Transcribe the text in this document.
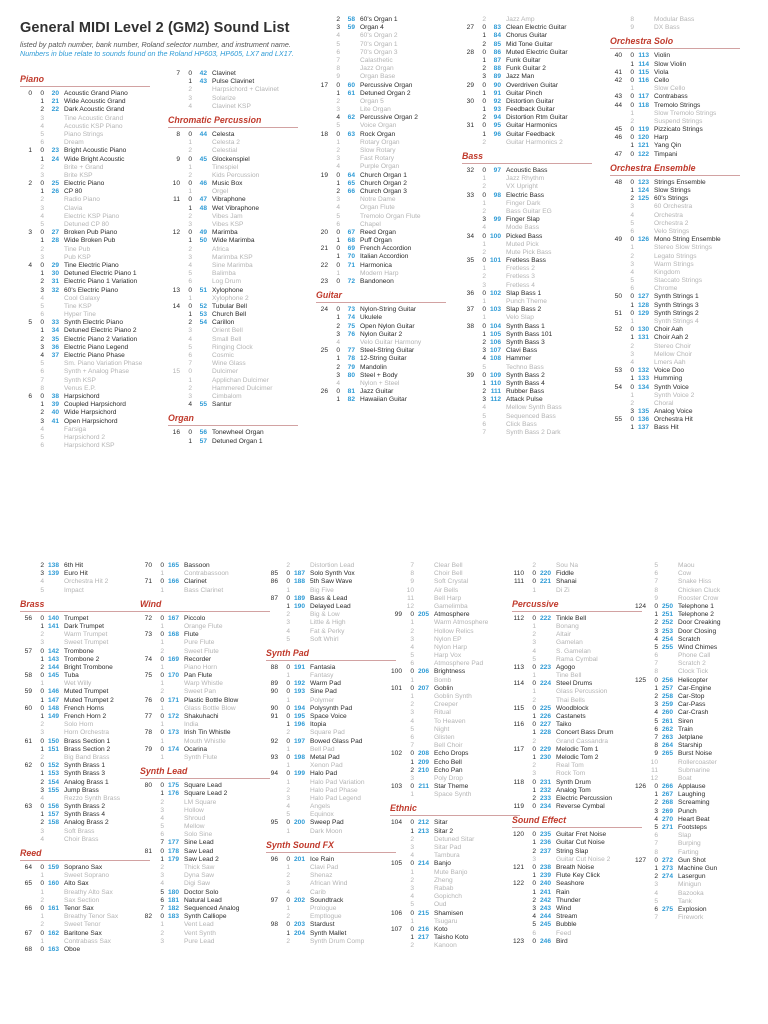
General MIDI Level 2 (GM2) Sound List
listed by patch number, bank number, Roland selector number, and instrument name.
Numbers in blue relate to sounds found on the Roland HP603, HP605, LX7 and LX17.
Piano
0	0	20 Acoustic Grand Piano
1	21 Wide Acoustic Grand
2	22 Dark Acoustic Grand
3	Tine Acoustic Grand
4	Acoustic KSP Piano
5	Piano Strings
6	Dream
1	0	23 Bright Acoustic Piano
1	24 Wide Bright Acoustic
2	Brite + Grand
3	Brite KSP
2	0	25 Electric Piano
1	26 CP 80
2	Radio Piano
3	Clavia
4	Electric KSP Piano
5	Detuned CP 80
3	0	27 Broken Pub Piano
1	28 Wide Broken Pub
2	Tine Pub
3	Pub KSP
4	0	29 Tine Electric Piano
1	30 Detuned Electric Piano 1
2	31 Electric Piano 1 Variation
3	32 60's Electric Piano
4	Cool Galaxy
5	Tine KSP
6	Hyper Tine
5	0	33 Synth Electric Piano
1	34 Detuned Electric Piano 2
2	35 Electric Piano 2 Variation
3	36 Electric Piano Legend
4	37 Electric Piano Phase
5	Sm. Piano Variation Phase
6	Synth + Analog Phase
7	Synth KSP
8	Venus E.P.
6	0	38 Harpsichord
1	39 Coupled Harpsichord
2	40 Wide Harpsichord
3	41 Open Harpsichord
4	Farsiga
5	Harpsichord 2
6	Harpsichord KSP
7	0	42 Clavinet
1	43 Pulse Clavinet
2	Harpsichord + Clavinet
3	Solarize
4	Clavinet KSP
Chromatic Percussion
8	0	44 Celesta
1	Celesta 2
2	Celestial
9	0	45 Glockenspiel
1	Tinespiel
2	Kids Percussion
10	0	46 Music Box
1	Orgel
11	0	47 Vibraphone
1	48 Wet Vibraphone
2	Vibes Jam
3	Vibes KSP
12	0	49 Marimba
1	50 Wide Marimba
2	Africa
3	Marimba KSP
4	Sine Marimba
5	Balimba
6	Log Drum
13	0	51 Xylophone
1	Xylophone 2
14	0	52 Tubular Bell
1	53 Church Bell
2	54 Carillon
3	Orient Bell
4	Small Bell
5	Ringing Clock
6	Cosmic
7	Wine Glass
15	0	Dulcimer
1	Applichan Dulcimer
2	Hammered Dulcimer
3	Cimbalom
4	55 Santur
Organ
16	0	56 Tonewheel Organ
1	57 Detuned Organ 1
2	58 60's Organ 1
3	59 Organ 4
4	60's Organ 2
5	70's Organ 1
6	70's Organ 3
7	Calasthetic
8	Jazz Organ
9	Organ Base
17	0	60 Percussive Organ
1	61 Detuned Organ 2
2	Organ 5
3	Lite Organ
4	62 Percussive Organ 2
5	Voice Organ
18	0	63 Rock Organ
1	Rotary Organ
2	Slow Rotary
3	Fast Rotary
4	Purple Organ
19	0	64 Church Organ 1
1	65 Church Organ 2
2	66 Church Organ 3
3	Notre Dame
4	Organ Flute
5	Tremolo Organ Flute
6	Chapel
20	0	67 Reed Organ
1	68 Puff Organ
21	0	69 French Accordion
1	70 Italian Accordion
22	0	71 Harmonica
1	Modern Harp
23	0	72 Bandoneon
Guitar
24	0	73 Nylon-String Guitar
1	74 Ukulele
2	75 Open Nylon Guitar
3	76 Nylon Guitar 2
4	Velo Guitar Harmony
25	0	77 Steel-String Guitar
1	78 12-String Guitar
2	79 Mandolin
3	80 Steel + Body
4	Nylon + Steel
26	0	81 Jazz Guitar
1	82 Hawaiian Guitar
2	Jazz Amp
27	0	83 Clean Electric Guitar
1	84 Chorus Guitar
2	85 Mid Tone Guitar
28	0	86 Muted Electric Guitar
1	87 Funk Guitar
2	88 Funk Guitar 2
3	89 Jazz Man
29	0	90 Overdriven Guitar
1	91 Guitar Pinch
30	0	92 Distortion Guitar
1	93 Feedback Guitar
2	94 Distortion Rtm Guitar
31	0	95 Guitar Harmonics
1	96 Guitar Feedback
2	Guitar Harmonics 2
Bass
32	0	97 Acoustic Bass
1	Jazz Rhythm
2	VX Upright
33	0	98 Electric Bass
1	Finger Dark
2	Bass Guitar EG
3	99 Finger Slap
4	Mode Bass
34	0 100 Picked Bass
1	Muted Pick
2	Mute Pick Bass
35	0 101 Fretless Bass
1	Fretless 2
2	Fretless 3
3	Fretless 4
36	0 102 Slap Bass 1
1	Punch Theme
37	0 103 Slap Bass 2
1	Velo Slap
38	0 104 Synth Bass 1
1 105 Synth Bass 101
2 106 Synth Bass 3
3 107 Clavi Bass
4 108 Hammer
5	Techno Bass
39	0 109 Synth Bass 2
1 110 Synth Bass 4
2 111 Rubber Bass
3 112 Attack Pulse
4	Mellow Synth Bass
5	Sequenced Bass
6	Click Bass
7	Synth Bass 2 Dark
8	Modular Bass
9	DX Bass
Orchestra Solo
40	0 113 Violin
1 114 Slow Violin
41	0 115 Viola
42	0 116 Cello
1	Slow Cello
43	0 117 Contrabass
44	0 118 Tremolo Strings
1	Slow Tremolo Strings
2	Suspend Strings
45	0 119 Pizzicato Strings
46	0 120 Harp
1 121 Yang Qin
47	0 122 Timpani
Orchestra Ensemble
48	0 123 Strings Ensemble
1 124 Slow Strings
2 125 60's Strings
3	60 Orchestra
4	Orchestra
5	Orchestra 2
6	Velo Strings
49	0 126 Mono String Ensemble
1	Stereo Slow Strings
2	Legato Strings
3	Warm Strings
4	Kingdom
5	Staccato Strings
6	Chrome
50	0 127 Synth Strings 1
1 128 Synth Strings 3
51	0 129 Synth Strings 2
1	Synth Strings 4
52	0 130 Choir Aah
1 131 Choir Aah 2
2	Stereo Choir
3	Mellow Choir
4	Lmers Aah
53	0 132 Voice Doo
1 133 Humming
54	0 134 Synth Voice
1	Synth Voice 2
2	Choral
3 135 Analog Voice
55	0 136 Orchestra Hit
1 137 Bass Hit
2 138 6th Hit
3 139 Euro Hit
4	Orchestra Hit 2
5	Impact
Brass
56	0 140 Trumpet
1 141 Dark Trumpet
2	Warm Trumpet
3	Sweet Trumpet
57	0 142 Trombone
1 143 Trombone 2
2 144 Bright Trombone
58	0 145 Tuba
1	Wet Willy
59	0 146 Muted Trumpet
1 147 Muted Trumpet 2
60	0 148 French Horns
1 149 French Horn 2
2	Solo Horn
3	Horn Orchestra
61	0 150 Brass Section 1
1 151 Brass Section 2
2	Big Band Brass
62	0 152 Synth Brass 1
1 153 Synth Brass 3
2 154 Analog Brass 1
3 155 Jump Brass
4	Rezzo Synth Brass
63	0 156 Synth Brass 2
1 157 Synth Brass 4
2 158 Analog Brass 2
3	Soft Brass
4	Choir Brass
Reed
64	0 159 Soprano Sax
1	Sweet Soprano
65	0 160 Alto Sax
1	Breathy Alto Sax
2	Sax Section
66	0 161 Tenor Sax
1	Breathy Tenor Sax
2	Sweet Tenor
67	0 162 Baritone Sax
1	Contrabass Sax
68	0 163 Oboe
70	0 165 Bassoon
1	Contrabassoon
71	0 166 Clarinet
1	Bass Clarinet
Wind
72	0 167 Piccolo
1	Orange Flute
73	0 168 Flute
1	Pure Flute
2	Sweet Flute
74	0 169 Recorder
1	Piano Horn
75	0 170 Pan Flute
1	Warp Whistle
2	Sweet Pan
76	0 171 Plastic Bottle Blow
1	Glass Bottle Blow
77	0 172 Shakuhachi
1	India
78	0 173 Irish Tin Whistle
1	Mouth Whistle
79	0 174 Ocarina
1	Synth Flute
Synth Lead
80	0 175 Square Lead
1 176 Square Lead 2
2	LM Square
3	Hollow
4	Shroud
5	Mellow
6	Solo Sine
7 177 Sine Lead
81	0 178 Saw Lead
1 179 Saw Lead 2
2	Thick Saw
3	Dyna Saw
4	Digi Saw
5 180 Doctor Solo
6 181 Natural Lead
7 182 Sequenced Analog
82	0 183 Synth Calliope
1	Vent Lead
2	Vent Synth
3	Pure Lead
2	Distortion Lead
85	0 187 Solo Synth Vox
86	0 188 5th Saw Wave
1	Big Five
87	0 189 Bass & Lead
1 190 Delayed Lead
2	Big & Low
3	Little & High
4	Fat & Perky
5	Soft Whirl
Synth Pad
88	0 191 Fantasia
1	Fantasy
89	0 192 Warm Pad
90	0 193 Sine Pad
1	Polymer
90	0 194 Polysynth Pad
91	0 195 Space Voice
1 196 Itopia
2	Square Pad
92	0 197 Bowed Glass Pad
1	Bell Pad
93	0 198 Metal Pad
1	Xenon Pad
94	0 199 Halo Pad
1	Halo Pad Variation
2	Halo Pad Phase
3	Halo Pad Legend
4	Angels
5	Equinox
95	0 200 Sweep Pad
1	Dark Moon
Synth Sound FX
96	0 201 Ice Rain
1	Clavi Pad
2	Shenaz
3	African Wind
4	Carib
97	0 202 Soundtrack
1	Prologue
2	Emptlogue
98	0 203 Stardust
1 204 Synth Mallet
2	Synth Drum Comp
7	Clear Bell
8	Choir Bell
9	Soft Crystal
10	Air Bells
11	Bell Harp
12	Gamelimba
99	0 205 Atmosphere
1	Warm Atmosphere
2	Hollow Relics
3	Nylon EP
4	Nylon Harp
5	Harp Vox
6	Atmosphere Pad
100	0 206 Brightness
1	Bomb
101	0 207 Goblin
1	Goblin Synth
2	Creeper
3	Ritual
4	To Heaven
5	Night
6	Glisten
7	Bell Choir
102	0 208 Echo Drops
1 209 Echo Bell
2 210 Echo Pan
3	Poly Drop
103	0 211 Star Theme
1	Space Synth
Ethnic
104	0 212 Sitar
1 213 Sitar 2
2	Detuned Sitar
3	Sitar Pad
4	Tambura
105	0 214 Banjo
1	Mute Banjo
2	Zheng
3	Rabab
4	Gopichch
5	Oud
106	0 215 Shamisen
1	Tsugaru
107	0 216 Koto
1 217 Taisho Koto
2	Kanoon
2	Sou Na
110	0 220 Fiddle
111	0 221 Shanai
1	Di Zi
Percussive
112	0 222 Tinkle Bell
1	Bonang
2	Altair
3	Gamelan
4	S. Gamelan
5	Rama Cymbal
113	0 223 Agogo
1	Tine Bell
114	0 224 Steel Drums
1	Glass Percussion
2	Thai Bells
115	0 225 Woodblock
1 226 Castanets
116	0 227 Taiko
1 228 Concert Bass Drum
2	Grand Cassandra
117	0 229 Melodic Tom 1
1 230 Melodic Tom 2
2	Real Tom
3	Rock Tom
118	0 231 Synth Drum
1 232 Analog Tom
2 233 Electric Percussion
119	0 234 Reverse Cymbal
Sound Effect
120	0 235 Guitar Fret Noise
1 236 Guitar Cut Noise
2 237 String Slap
3	Guitar Cut Noise 2
121	0 238 Breath Noise
1 239 Flute Key Click
122	0 240 Seashore
1 241 Rain
2 242 Thunder
3 243 Wind
4 244 Stream
5 245 Bubble
6	Feed
123	0 246 Bird
5	Maou
6	Cow
7	Snake Hiss
8	Chicken Cluck
9	Rooster Crow
124	0 250 Telephone 1
1 251 Telephone 2
2 252 Door Creaking
3 253 Door Closing
4 254 Scratch
5 255 Wind Chimes
6	Phone Call
7	Scratch 2
8	Clock Tick
125	0 256 Helicopter
1 257 Car-Engine
2 258 Car-Stop
3 259 Car-Pass
4 260 Car-Crash
5 261 Siren
6 262 Train
7 263 Jetplane
8 264 Starship
9 265 Burst Noise
10	Rollercoaster
11	Submarine
12	Boat
126	0 266 Applause
1 267 Laughing
2 268 Screaming
3 269 Punch
4 270 Heart Beat
5 271 Footsteps
6	Slap
7	Burping
8	Farting
127	0 272 Gun Shot
1 273 Machine Gun
2 274 Lasergun
3	Minigun
4	Bazooka
5	Tank
6 275 Explosion
7	Firework
